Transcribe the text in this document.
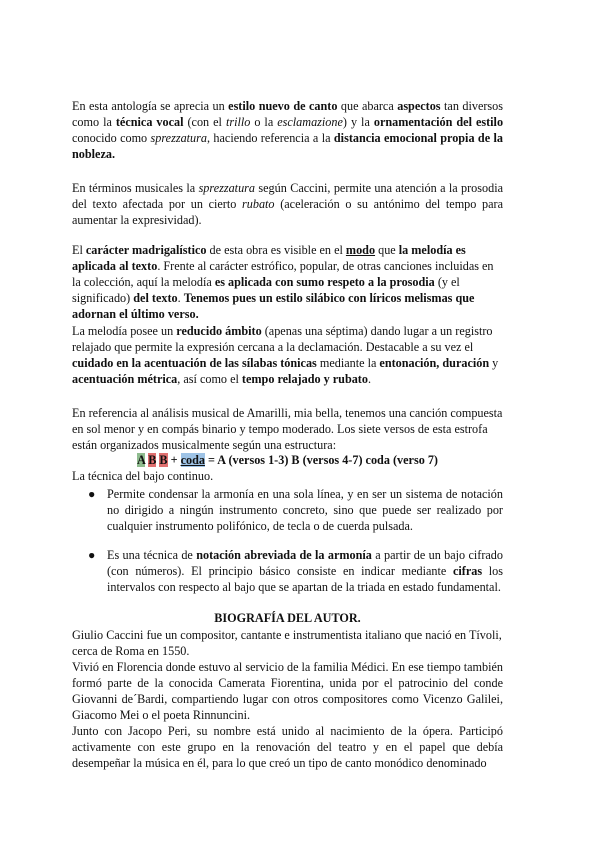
En esta antología se aprecia un estilo nuevo de canto que abarca aspectos tan diversos como la técnica vocal (con el trillo o la esclamazione) y la ornamentación del estilo conocido como sprezzatura, haciendo referencia a la distancia emocional propia de la nobleza.

En términos musicales la sprezzatura según Caccini, permite una atención a la prosodia del texto afectada por un cierto rubato (aceleración o su antónimo del tempo para aumentar la expresividad).

El carácter madrigalístico de esta obra es visible en el modo que la melodía es aplicada al texto. Frente al carácter estrófico, popular, de otras canciones incluidas en la colección, aquí la melodía es aplicada con sumo respeto a la prosodia (y el significado) del texto. Tenemos pues un estilo silábico con líricos melismas que adornan el último verso.

La melodía posee un reducido ámbito (apenas una séptima) dando lugar a un registro relajado que permite la expresión cercana a la declamación. Destacable a su vez el cuidado en la acentuación de las sílabas tónicas mediante la entonación, duración y acentuación métrica, así como el tempo relajado y rubato.

En referencia al análisis musical de Amarilli, mia bella, tenemos una canción compuesta en sol menor y en compás binario y tempo moderado. Los siete versos de esta estrofa están organizados musicalmente según una estructura:

A B B + coda = A (versos 1-3) B (versos 4-7) coda (verso 7)

La técnica del bajo continuo.

● Permite condensar la armonía en una sola línea, y en ser un sistema de notación no dirigido a ningún instrumento concreto, sino que puede ser realizado por cualquier instrumento polifónico, de tecla o de cuerda pulsada.
● Es una técnica de notación abreviada de la armonía a partir de un bajo cifrado (con números). El principio básico consiste en indicar mediante cifras los intervalos con respecto al bajo que se apartan de la triada en estado fundamental.

BIOGRAFÍA DEL AUTOR.

Giulio Caccini fue un compositor, cantante e instrumentista italiano que nació en Tívoli, cerca de Roma en 1550.

Vivió en Florencia donde estuvo al servicio de la familia Médici. En ese tiempo también formó parte de la conocida Camerata Fiorentina, unida por el patrocinio del conde Giovanni de´Bardi, compartiendo lugar con otros compositores como Vicenzo Galilei, Giacomo Mei o el poeta Rinnuncini.

Junto con Jacopo Peri, su nombre está unido al nacimiento de la ópera. Participó activamente con este grupo en la renovación del teatro y en el papel que debía desempeñar la música en él, para lo que creó un tipo de canto monódico denominado
